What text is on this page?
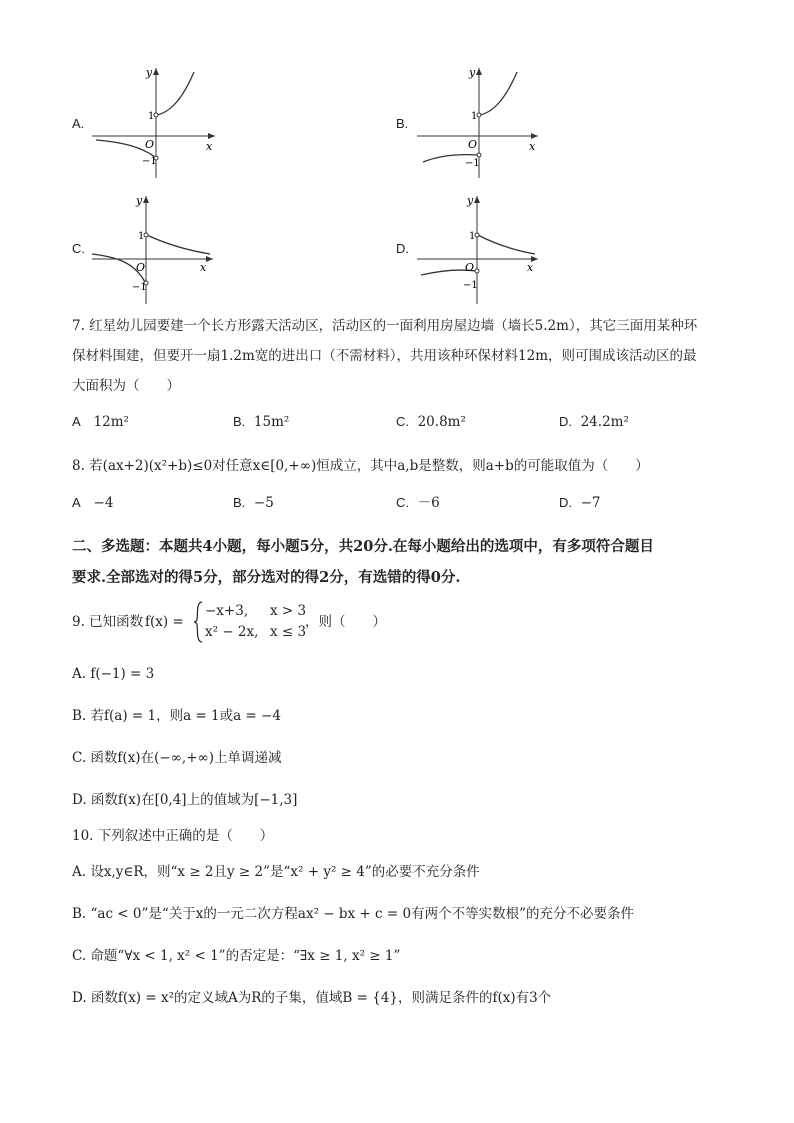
A.
y
x
O
1
−1
B.
y
x
O
1
−1
C.
y
x
O
1
−1
D.
y
x
O
1
−1
7. 红星幼儿园要建一个长方形露天活动区，活动区的一面利用房屋边墙（墙长5.2m），其它三面用某种环
保材料围建，但要开一扇1.2m宽的进出口（不需材料），共用该种环保材料12m，则可围成该活动区的最
大面积为（　　）
A 12m²	B. 15m²	C. 20.8m²	D. 24.2m²
8. 若(ax+2)(x²+b)≤0对任意x∈[0,+∞)恒成立，其中a,b是整数，则a+b的可能取值为（　　）
A −4	B. −5	C. －6	D. −7
二、多选题：本题共4小题，每小题5分，共20分.在每小题给出的选项中，有多项符合题目
要求.全部选对的得5分，部分选对的得2分，有选错的得0分.
9. 已知函数 f(x) =
−x+3, x > 3
x² − 2x, x ≤ 3
，则（　　）
A. f(−1) = 3
B. 若f(a) = 1，则a = 1或a = −4
C. 函数f(x)在(−∞,+∞)上单调递减
D. 函数f(x)在[0,4]上的值域为[−1,3]
10. 下列叙述中正确的是（　　）
A. 设x,y∈R，则“x ≥ 2且y ≥ 2”是“x² + y² ≥ 4”的必要不充分条件
B. “ac < 0”是“关于x的一元二次方程ax² − bx + c = 0有两个不等实数根”的充分不必要条件
C. 命题“∀x < 1, x² < 1”的否定是：“∃x ≥ 1, x² ≥ 1”
D. 函数f(x) = x²的定义域A为R的子集，值域B = {4}，则满足条件的f(x)有3个
